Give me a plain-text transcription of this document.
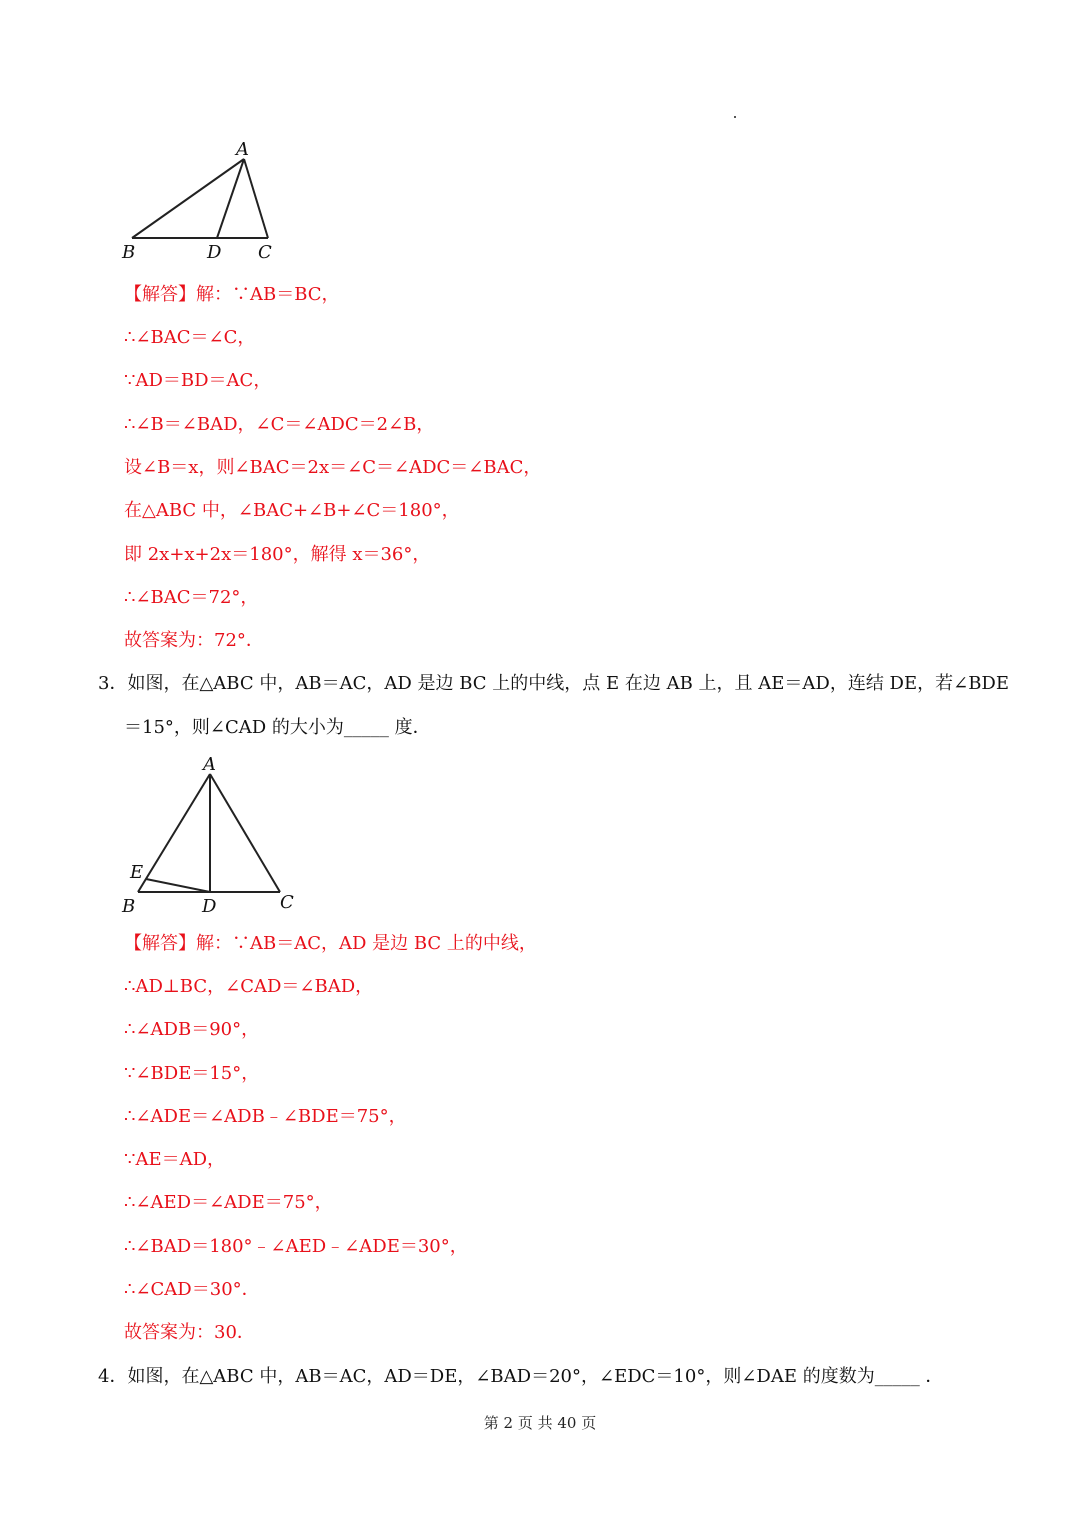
A
B	D C
【解答】解：∵AB＝BC，
∴∠BAC＝∠C，
∵AD＝BD＝AC，
∴∠B＝∠BAD，∠C＝∠ADC＝2∠B，
设∠B＝x，则∠BAC＝2x＝∠C＝∠ADC＝∠BAC，
在△ABC 中，∠BAC+∠B+∠C＝180°，
即 2x+x+2x＝180°，解得 x＝36°，
∴∠BAC＝72°，
故答案为：72°．
3．如图，在△ABC 中，AB＝AC，AD 是边 BC 上的中线，点 E 在边 AB 上，且 AE＝AD，连结 DE，若∠BDE
＝15°，则∠CAD 的大小为_____ 度．
A
E
B	D	C
【解答】解：∵AB＝AC，AD 是边 BC 上的中线，
∴AD⊥BC，∠CAD＝∠BAD，
∴∠ADB＝90°，
∵∠BDE＝15°，
∴∠ADE＝∠ADB﹣∠BDE＝75°，
∵AE＝AD，
∴∠AED＝∠ADE＝75°，
∴∠BAD＝180°﹣∠AED﹣∠ADE＝30°，
∴∠CAD＝30°．
故答案为：30．
4．如图，在△ABC 中，AB＝AC，AD＝DE，∠BAD＝20°，∠EDC＝10°，则∠DAE 的度数为_____ ．
第 2 页 共 40 页
